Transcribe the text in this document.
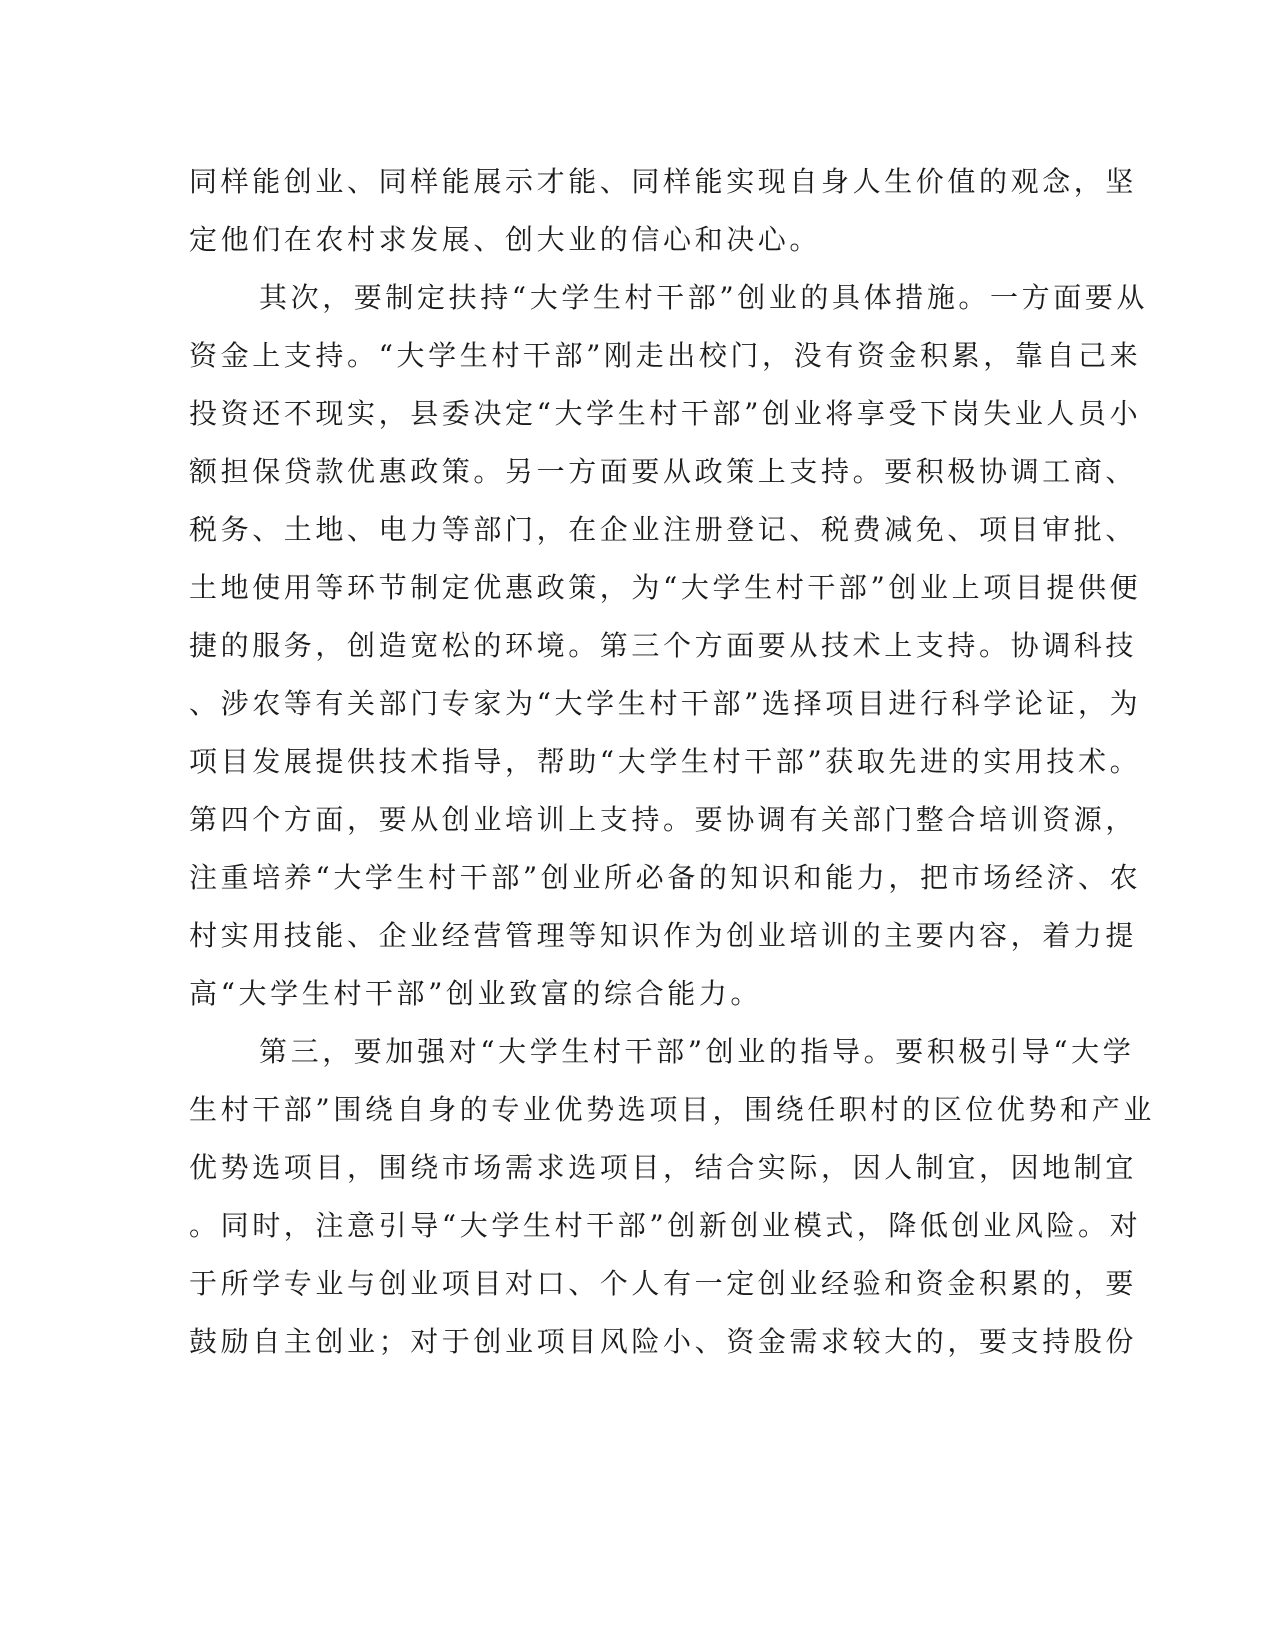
同样能创业、同样能展示才能、同样能实现自身人生价值的观念，坚
定他们在农村求发展、创大业的信心和决心。
其次，要制定扶持“大学生村干部”创业的具体措施。一方面要从
资金上支持。“大学生村干部”刚走出校门，没有资金积累，靠自己来
投资还不现实，县委决定“大学生村干部”创业将享受下岗失业人员小
额担保贷款优惠政策。另一方面要从政策上支持。要积极协调工商、
税务、土地、电力等部门，在企业注册登记、税费减免、项目审批、
土地使用等环节制定优惠政策，为“大学生村干部”创业上项目提供便
捷的服务，创造宽松的环境。第三个方面要从技术上支持。协调科技
、涉农等有关部门专家为“大学生村干部”选择项目进行科学论证，为
项目发展提供技术指导，帮助“大学生村干部”获取先进的实用技术。
第四个方面，要从创业培训上支持。要协调有关部门整合培训资源，
注重培养“大学生村干部”创业所必备的知识和能力，把市场经济、农
村实用技能、企业经营管理等知识作为创业培训的主要内容，着力提
高“大学生村干部”创业致富的综合能力。
第三，要加强对“大学生村干部”创业的指导。要积极引导“大学
生村干部”围绕自身的专业优势选项目，围绕任职村的区位优势和产业
优势选项目，围绕市场需求选项目，结合实际，因人制宜，因地制宜
。同时，注意引导“大学生村干部”创新创业模式，降低创业风险。对
于所学专业与创业项目对口、个人有一定创业经验和资金积累的，要
鼓励自主创业；对于创业项目风险小、资金需求较大的，要支持股份
